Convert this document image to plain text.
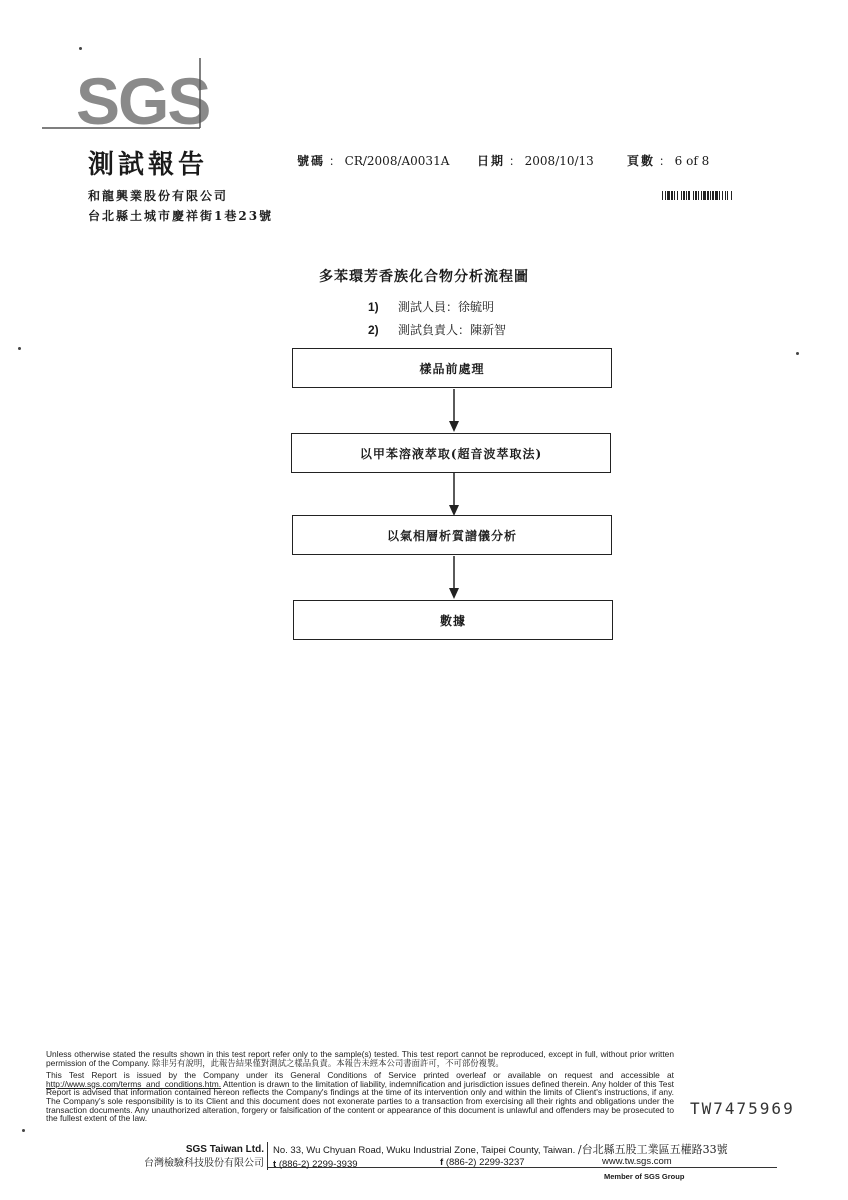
SGS
測試報告	號碼 ： CR/2008/A0031A 日期 ： 2008/10/13	頁數 ： 6 of 8
和龍興業股份有限公司
台北縣土城市慶祥街1巷23號
多苯環芳香族化合物分析流程圖
1) 測試人員：徐毓明
2) 測試負責人：陳新智
樣品前處理
以甲苯溶液萃取(超音波萃取法)
以氣相層析質譜儀分析
數據

Unless otherwise stated the results shown in this test report refer only to the sample(s) tested. This test report cannot be reproduced, except in full, without prior written permission of the Company. 除非另有說明，此報告結果僅對測試之樣品負責。本報告未經本公司書面許可，不可部份複製。

This Test Report is issued by the Company under its General Conditions of Service printed overleaf or available on request and accessible at http://www.sgs.com/terms_and_conditions.htm. Attention is drawn to the limitation of liability, indemnification and jurisdiction issues defined therein. Any holder of this Test Report is advised that information contained hereon reflects the Company's findings at the time of its intervention only and within the limits of Client's instructions, if any. The Company's sole responsibility is to its Client and this document does not exonerate parties to a transaction from exercising all their rights and obligations under the transaction documents. Any unauthorized alteration, forgery or falsification of the content or appearance of this document is unlawful and offenders may be prosecuted to the fullest extent of the law.

TW7475969
SGS Taiwan Ltd.
台灣檢驗科技股份有限公司
No. 33, Wu Chyuan Road, Wuku Industrial Zone, Taipei County, Taiwan. /台北縣五股工業區五權路33號
t (886-2) 2299-3939	f (886-2) 2299-3237	www.tw.sgs.com
Member of SGS Group
